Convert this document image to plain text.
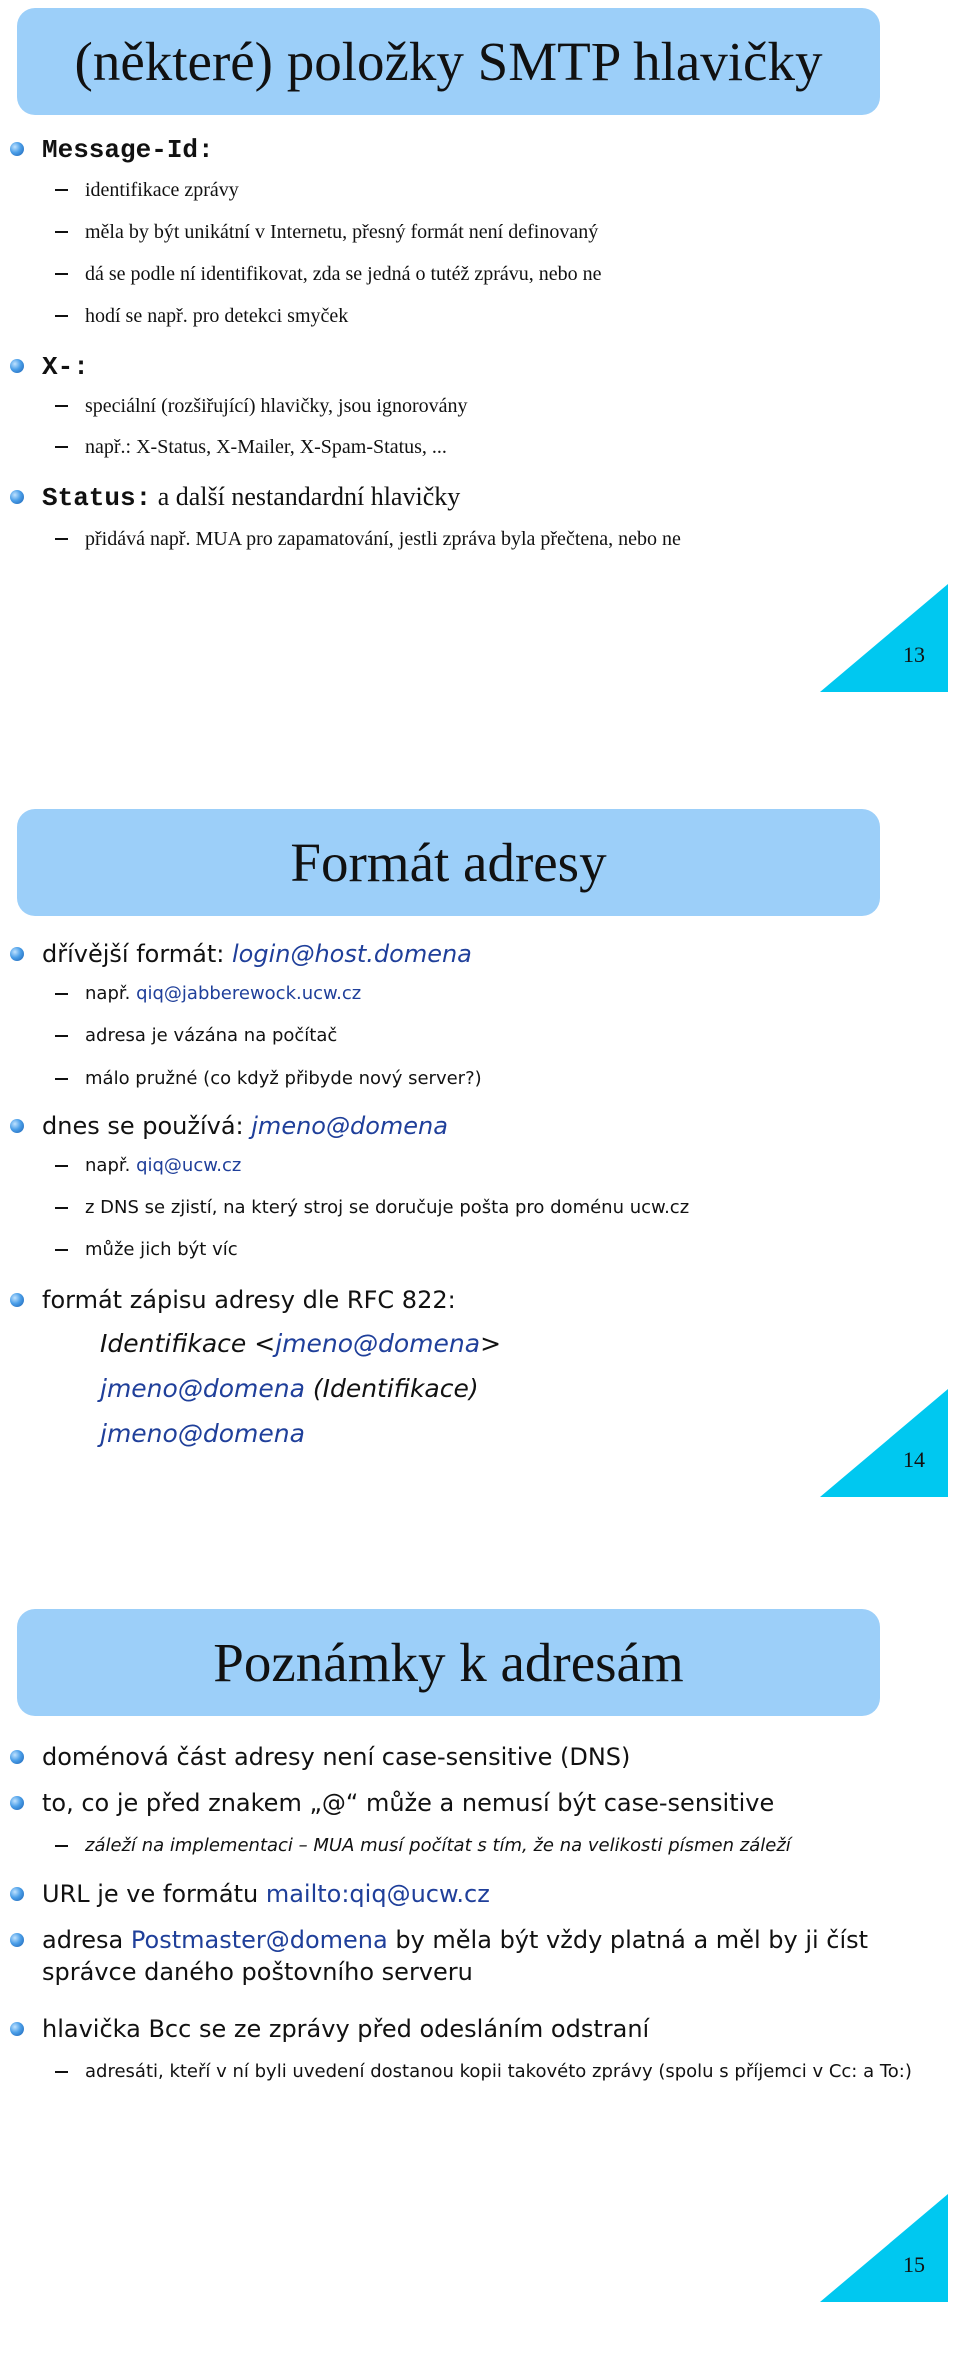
(některé) položky SMTP hlavičky
Message-Id:
identifikace zprávy
měla by být unikátní v Internetu, přesný formát není definovaný
dá se podle ní identifikovat, zda se jedná o tutéž zprávu, nebo ne
hodí se např. pro detekci smyček
X-:
speciální (rozšiřující) hlavičky, jsou ignorovány
např.: X-Status, X-Mailer, X-Spam-Status, ...
Status: a další nestandardní hlavičky
přidává např. MUA pro zapamatování, jestli zpráva byla přečtena, nebo ne
13
Formát adresy
dřívější formát: login@host.domena
např. qiq@jabberewock.ucw.cz
adresa je vázána na počítač
málo pružné (co když přibyde nový server?)
dnes se používá: jmeno@domena
např. qiq@ucw.cz
z DNS se zjistí, na který stroj se doručuje pošta pro doménu ucw.cz
může jich být víc
formát zápisu adresy dle RFC 822:
Identifikace <jmeno@domena>
jmeno@domena (Identifikace)
jmeno@domena
14
Poznámky k adresám
doménová část adresy není case-sensitive (DNS)
to, co je před znakem „@“ může a nemusí být case-sensitive
záleží na implementaci – MUA musí počítat s tím, že na velikosti písmen záleží
URL je ve formátu mailto:qiq@ucw.cz
adresa Postmaster@domena by měla být vždy platná a měl by ji číst správce daného poštovního serveru
hlavička Bcc se ze zprávy před odesláním odstraní
adresáti, kteří v ní byli uvedení dostanou kopii takovéto zprávy (spolu s příjemci v Cc: a To:)
15
